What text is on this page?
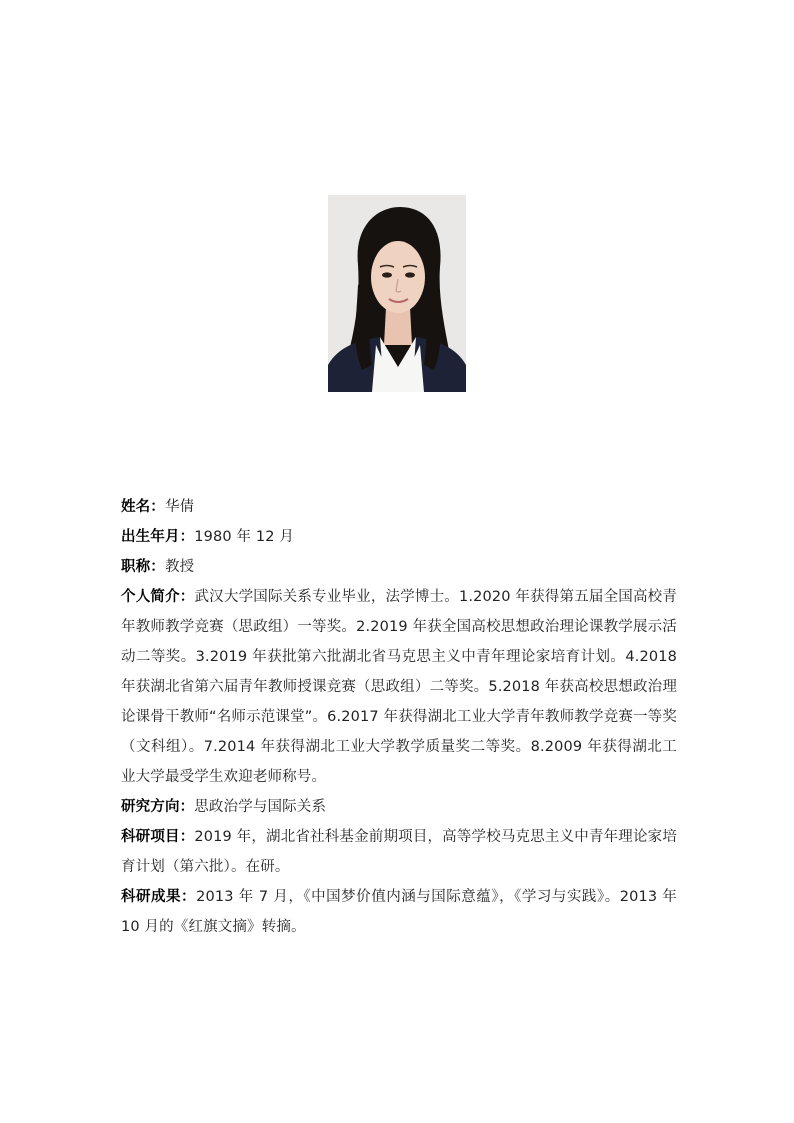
姓名：华倩

出生年月：1980 年 12 月

职称：教授

个人简介：武汉大学国际关系专业毕业，法学博士。1.2020 年获得第五届全国高校青年教师教学竞赛（思政组）一等奖。2.2019 年获全国高校思想政治理论课教学展示活动二等奖。3.2019 年获批第六批湖北省马克思主义中青年理论家培育计划。4.2018 年获湖北省第六届青年教师授课竞赛（思政组）二等奖。5.2018 年获高校思想政治理论课骨干教师“名师示范课堂”。6.2017 年获得湖北工业大学青年教师教学竞赛一等奖（文科组）。7.2014 年获得湖北工业大学教学质量奖二等奖。8.2009 年获得湖北工业大学最受学生欢迎老师称号。

研究方向：思政治学与国际关系

科研项目：2019 年，湖北省社科基金前期项目，高等学校马克思主义中青年理论家培育计划（第六批）。在研。

科研成果：2013 年 7 月，《中国梦价值内涵与国际意蕴》，《学习与实践》。2013 年 10 月的《红旗文摘》转摘。
